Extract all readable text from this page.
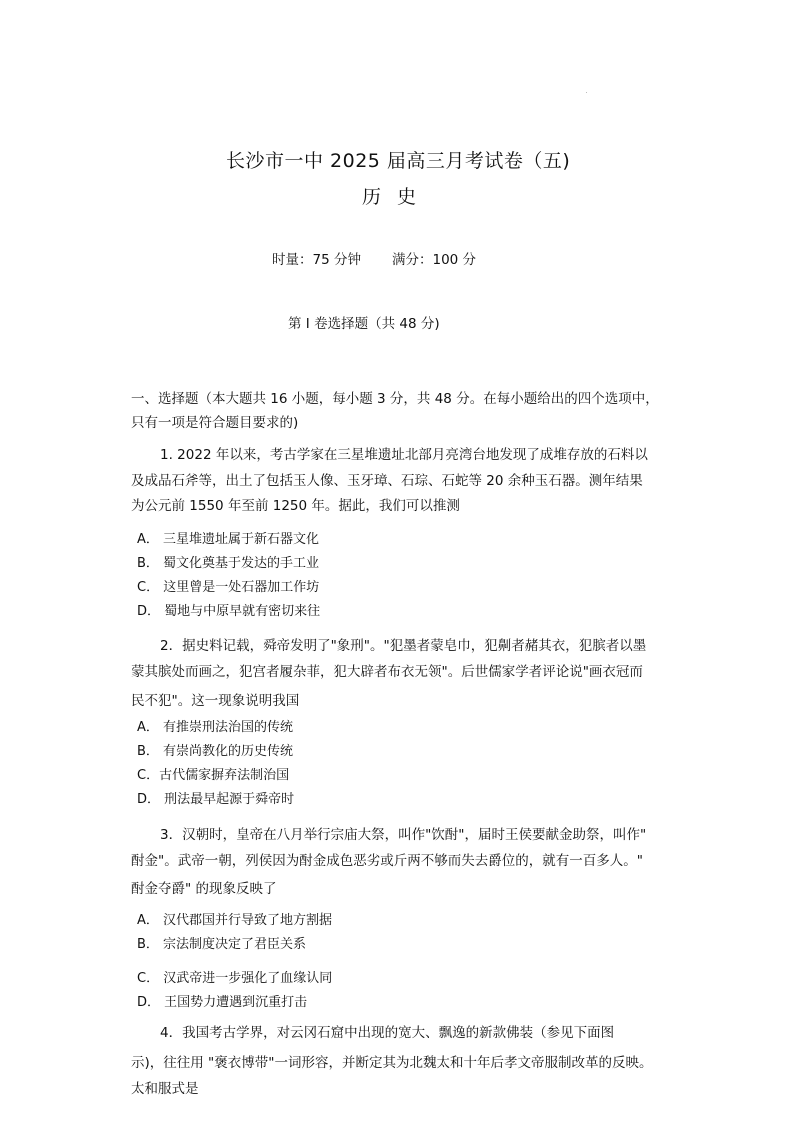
长沙市一中 2025 届高三月考试卷（五)
历史
时量：75 分钟 满分：100 分
第 Ⅰ 卷选择题（共 48 分)
一、选择题（本大题共 16 小题，每小题 3 分，共 48 分。在每小题给出的四个选项中，
只有一项是符合题目要求的)
1. 2022 年以来，考古学家在三星堆遗址北部月亮湾台地发现了成堆存放的石料以
及成品石斧等，出土了包括玉人像、玉牙璋、石琮、石蛇等 20 余种玉石器。测年结果
为公元前 1550 年至前 1250 年。据此，我们可以推测
A． 三星堆遗址属于新石器文化
B． 蜀文化奠基于发达的手工业
C． 这里曾是一处石器加工作坊
D． 蜀地与中原早就有密切来往
2．据史料记载，舜帝发明了"象刑"。"犯墨者蒙皂巾，犯劓者赭其衣，犯膑者以墨
蒙其膑处而画之，犯宫者履杂菲，犯大辟者布衣无领"。后世儒家学者评论说"画衣冠而
民不犯"。这一现象说明我国
A． 有推崇刑法治国的传统
B． 有崇尚教化的历史传统
C．古代儒家摒弃法制治国
D． 刑法最早起源于舜帝时
3．汉朝时，皇帝在八月举行宗庙大祭，叫作"饮酎"，届时王侯要献金助祭，叫作"
酎金"。武帝一朝，列侯因为酎金成色恶劣或斤两不够而失去爵位的，就有一百多人。"
酎金夺爵" 的现象反映了
A． 汉代郡国并行导致了地方割据
B． 宗法制度决定了君臣关系
C． 汉武帝进一步强化了血缘认同
D． 王国势力遭遇到沉重打击
4．我国考古学界，对云冈石窟中出现的宽大、飘逸的新款佛装（参见下面图
示)，往往用 "褒衣博带"一词形容，并断定其为北魏太和十年后孝文帝服制改革的反映。
太和服式是
